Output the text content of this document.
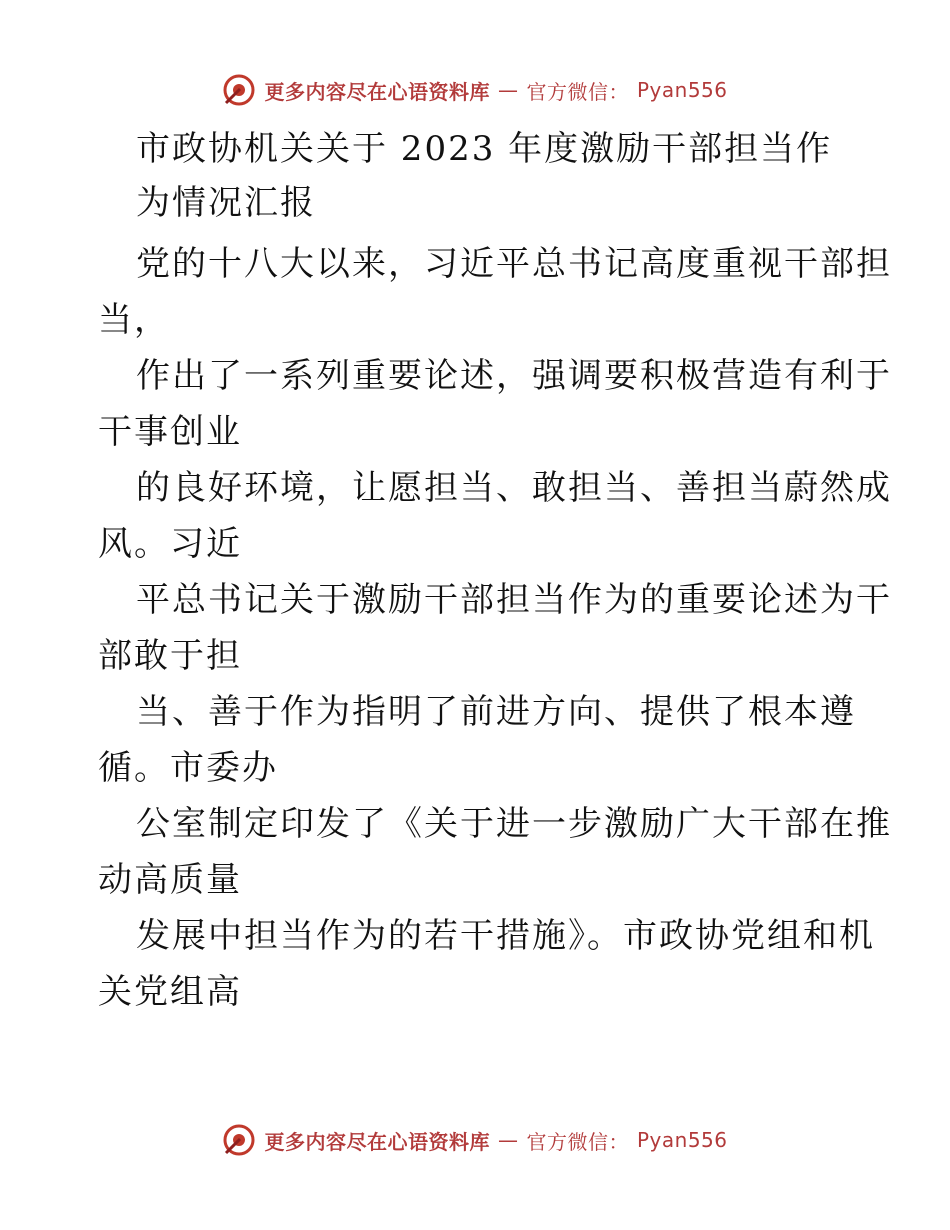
更多内容尽在心语资料库 — 官方微信： Pyan556
市政协机关关于 2023 年度激励干部担当作
为情况汇报
党的十八大以来，习近平总书记高度重视干部担
当，
作出了一系列重要论述，强调要积极营造有利于
干事创业
的良好环境，让愿担当、敢担当、善担当蔚然成
风。习近
平总书记关于激励干部担当作为的重要论述为干
部敢于担
当、善于作为指明了前进方向、提供了根本遵
循。市委办
公室制定印发了《关于进一步激励广大干部在推
动高质量
发展中担当作为的若干措施》。市政协党组和机
关党组高
更多内容尽在心语资料库 — 官方微信： Pyan556
